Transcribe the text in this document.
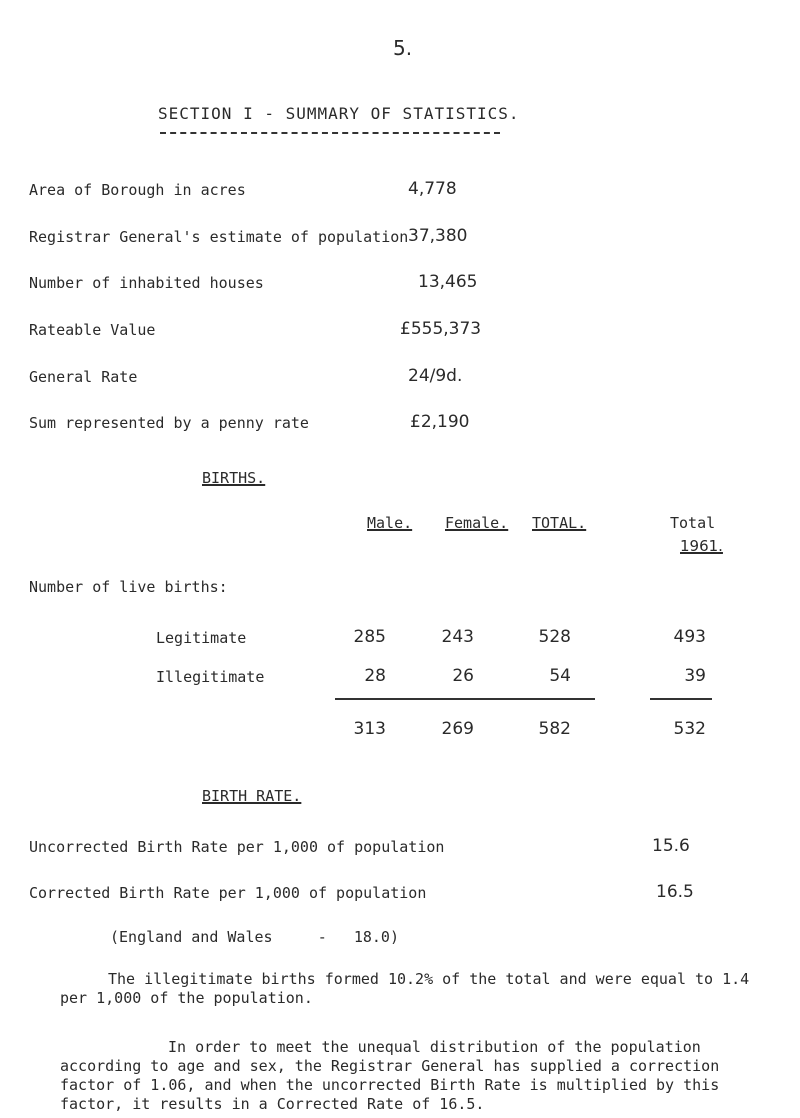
5.
SECTION I - SUMMARY OF STATISTICS.
Area of Borough in acres	4,778
Registrar General's estimate of population 37,380
Number of inhabited houses	13,465
Rateable Value	£555,373
General Rate	24/9d.
Sum represented by a penny rate	£2,190
BIRTHS.
Male. Female. TOTAL.	Total
1961.
Number of live births:
Legitimate	285	243	528	493
Illegitimate	28	26	54	39
313	269	582	532
BIRTH RATE.
Uncorrected Birth Rate per 1,000 of population	15.6
Corrected Birth Rate per 1,000 of population	16.5
(England and Wales     -   18.0)
The illegitimate births formed 10.2% of the total and were equal to 1.4 per 1,000 of the population.
In order to meet the unequal distribution of the population according to age and sex, the Registrar General has supplied a correction factor of 1.06, and when the uncorrected Birth Rate is multiplied by this factor, it results in a Corrected Rate of 16.5.
